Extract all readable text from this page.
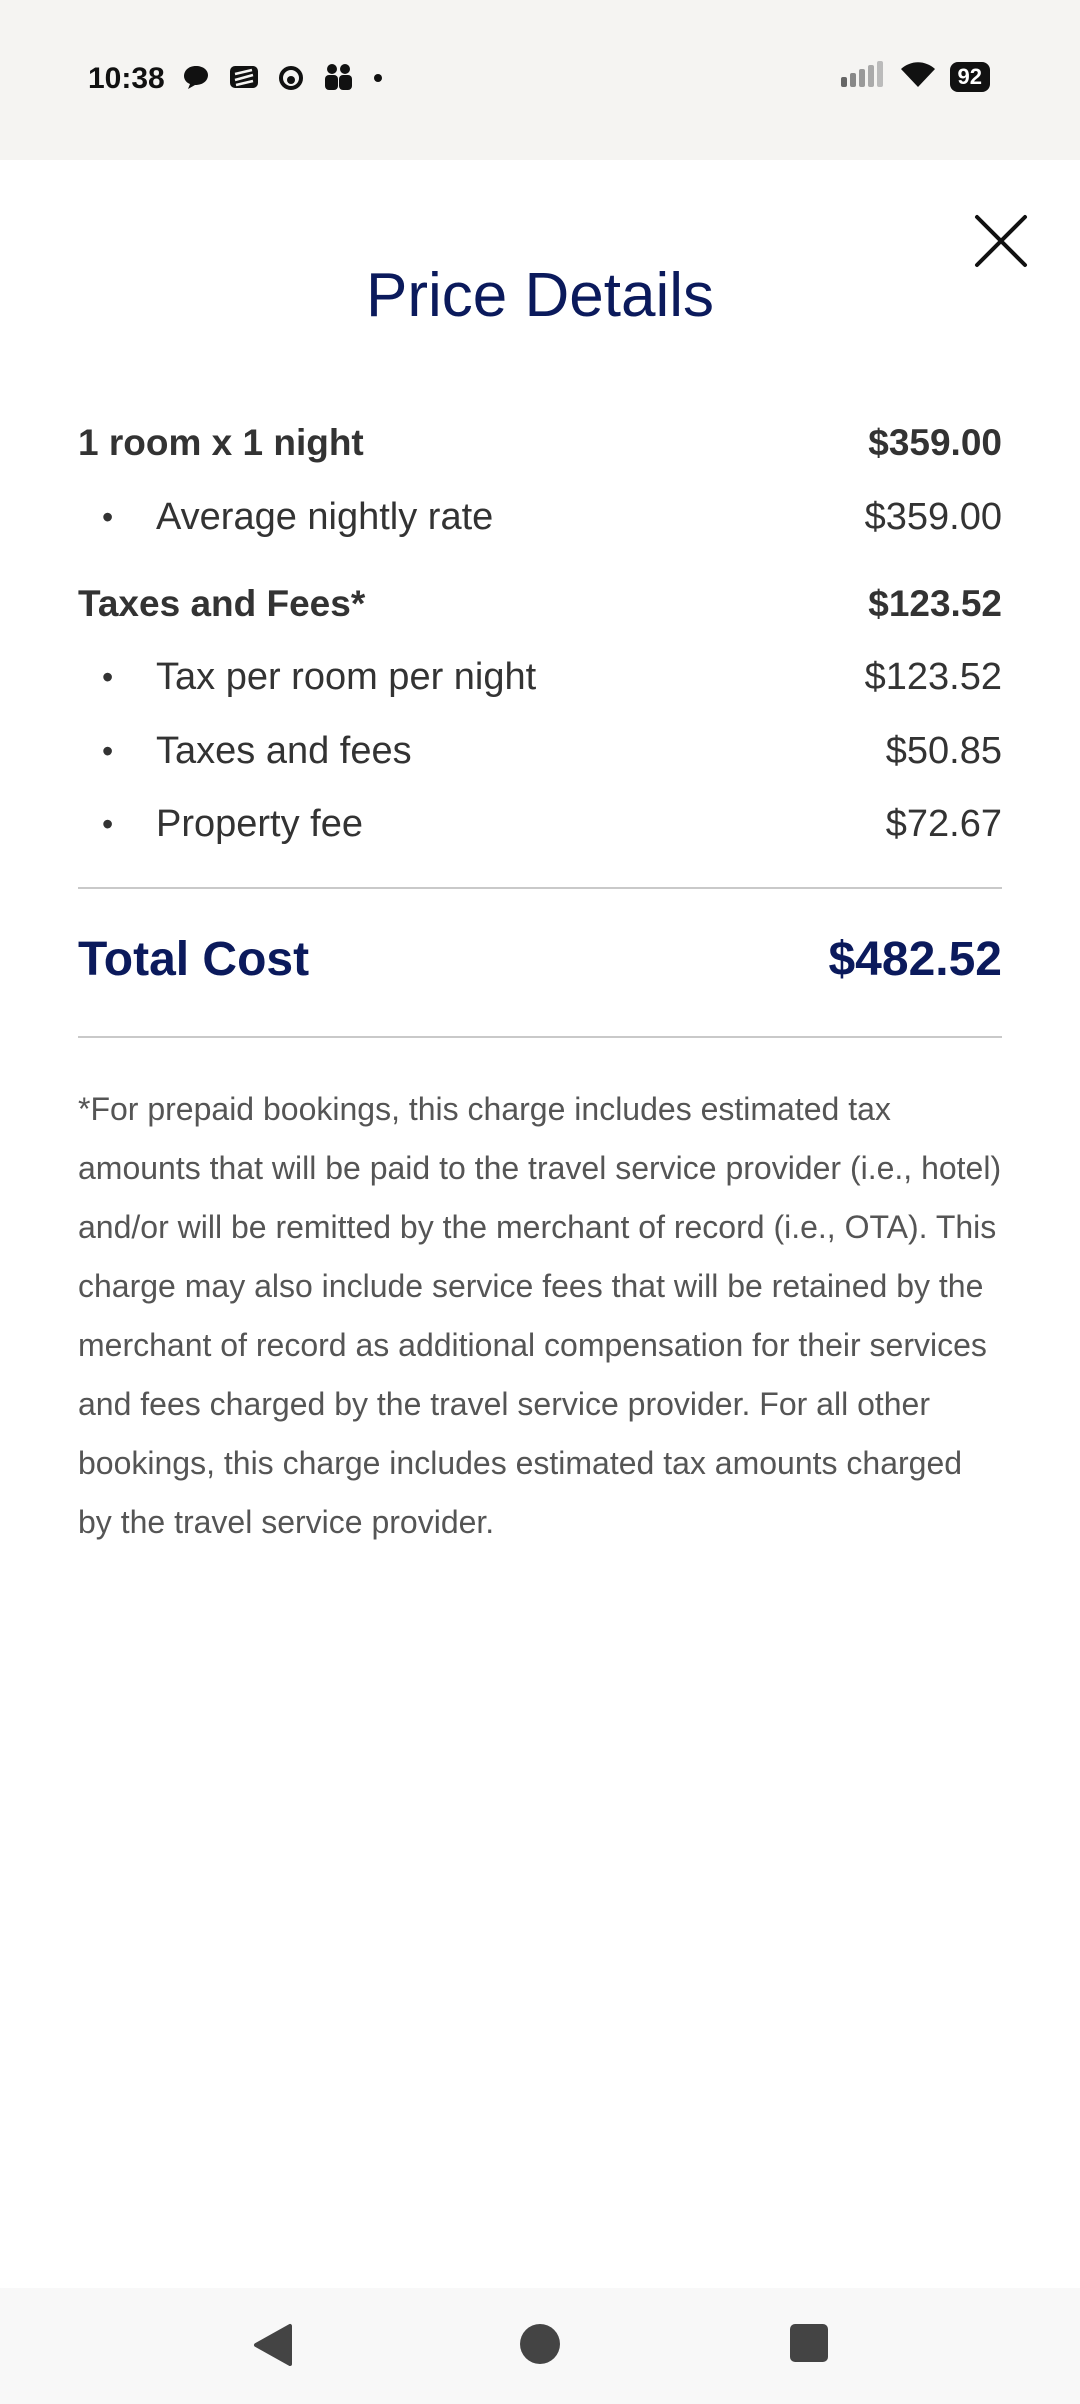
10:38	92
Price Details
1 room x 1 night	$359.00
•	Average nightly rate	$359.00
Taxes and Fees*	$123.52
•	Tax per room per night	$123.52
•	Taxes and fees	$50.85
•	Property fee	$72.67
Total Cost	$482.52

*For prepaid bookings, this charge includes estimated tax amounts that will be paid to the travel service provider (i.e., hotel) and/or will be remitted by the merchant of record (i.e., OTA). This charge may also include service fees that will be retained by the merchant of record as additional compensation for their services and fees charged by the travel service provider. For all other bookings, this charge includes estimated tax amounts charged by the travel service provider.
